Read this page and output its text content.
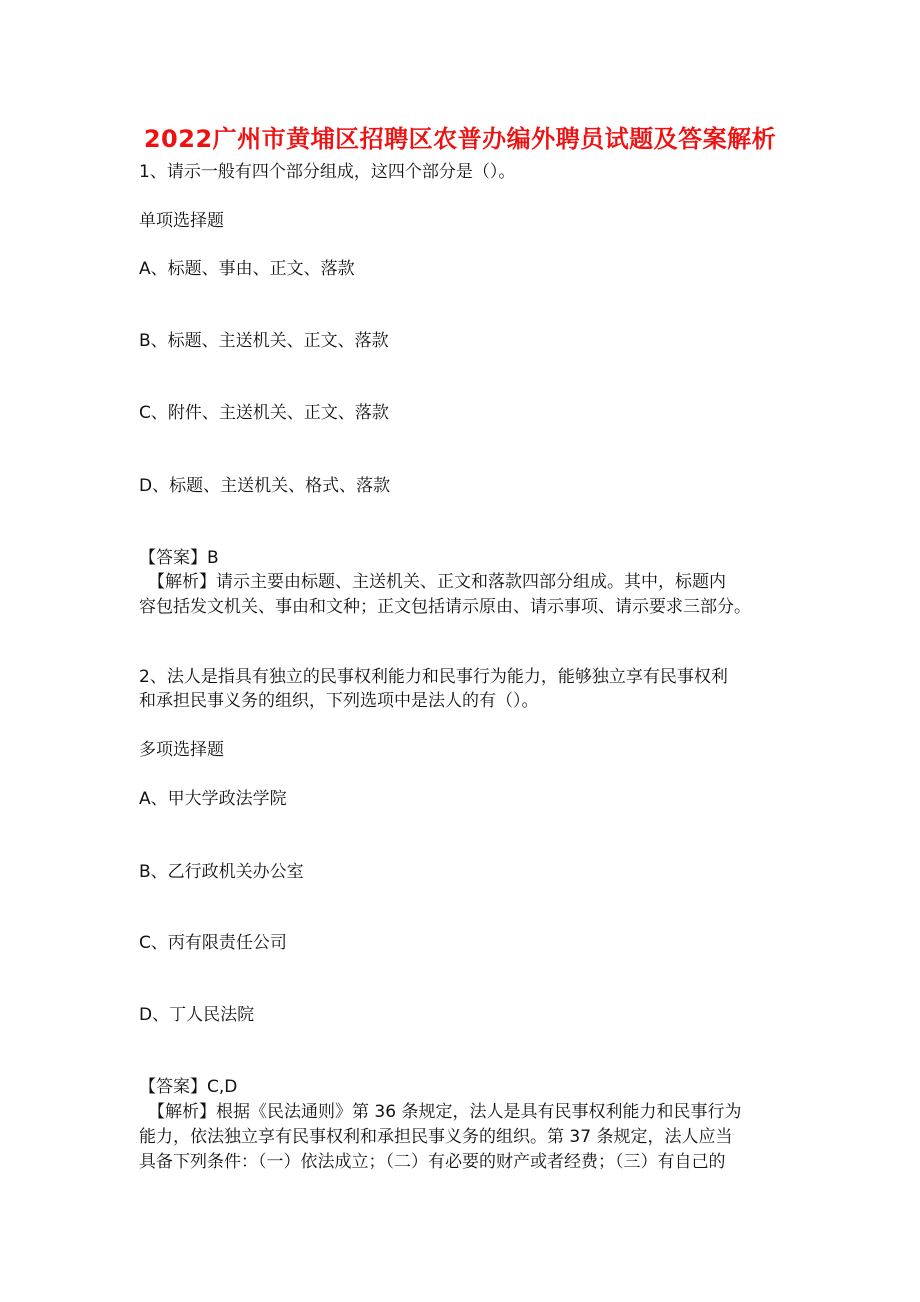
2022广州市黄埔区招聘区农普办编外聘员试题及答案解析
1、请示一般有四个部分组成，这四个部分是（）。
单项选择题
A、标题、事由、正文、落款
B、标题、主送机关、正文、落款
C、附件、主送机关、正文、落款
D、标题、主送机关、格式、落款
【答案】B
【解析】请示主要由标题、主送机关、正文和落款四部分组成。其中，标题内
容包括发文机关、事由和文种；正文包括请示原由、请示事项、请示要求三部分。
2、法人是指具有独立的民事权利能力和民事行为能力，能够独立享有民事权利
和承担民事义务的组织，下列选项中是法人的有（）。
多项选择题
A、甲大学政法学院
B、乙行政机关办公室
C、丙有限责任公司
D、丁人民法院
【答案】C,D
【解析】根据《民法通则》第 36 条规定，法人是具有民事权利能力和民事行为
能力，依法独立享有民事权利和承担民事义务的组织。第 37 条规定，法人应当
具备下列条件：（一）依法成立；（二）有必要的财产或者经费；（三）有自己的
